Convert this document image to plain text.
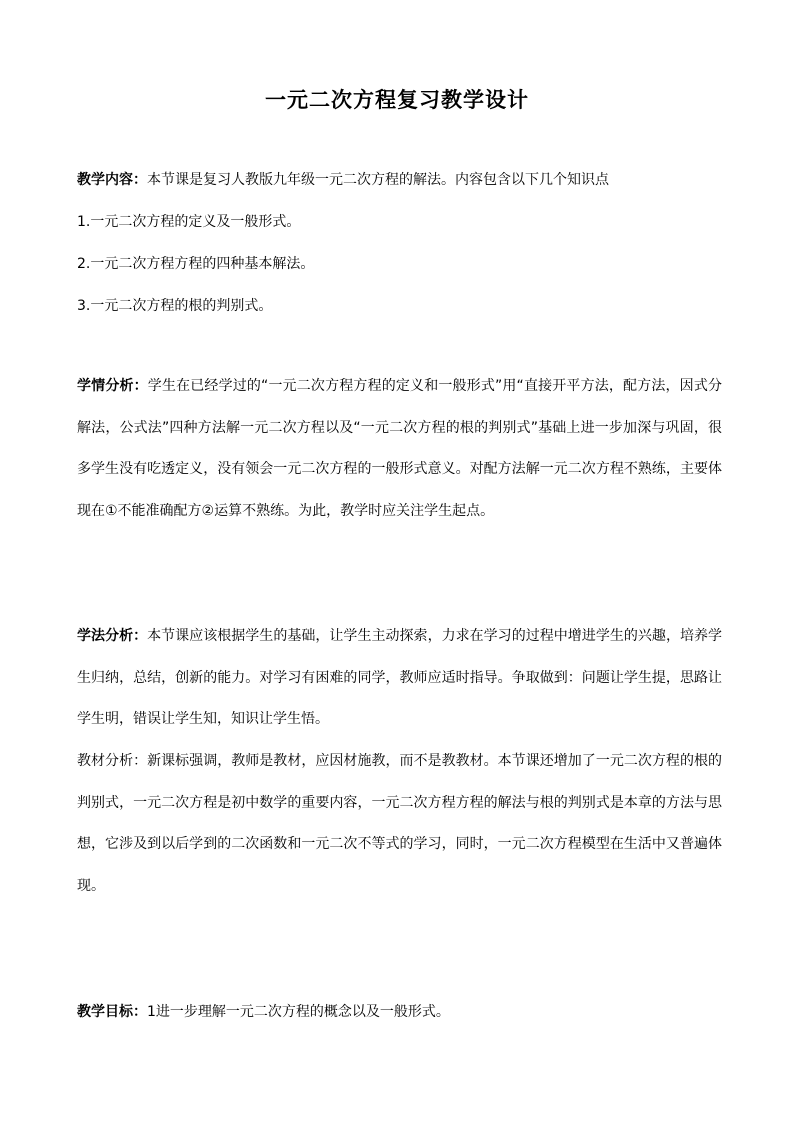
一元二次方程复习教学设计
教学内容：本节课是复习人教版九年级一元二次方程的解法。内容包含以下几个知识点
1.一元二次方程的定义及一般形式。
2.一元二次方程方程的四种基本解法。
3.一元二次方程的根的判别式。
学情分析：学生在已经学过的“一元二次方程方程的定义和一般形式”用“直接开平方法，配方法，因式分解法，公式法”四种方法解一元二次方程以及“一元二次方程的根的判别式”基础上进一步加深与巩固，很多学生没有吃透定义，没有领会一元二次方程的一般形式意义。对配方法解一元二次方程不熟练，主要体现在①不能准确配方②运算不熟练。为此，教学时应关注学生起点。
学法分析：本节课应该根据学生的基础，让学生主动探索，力求在学习的过程中增进学生的兴趣，培养学生归纳，总结，创新的能力。对学习有困难的同学，教师应适时指导。争取做到：问题让学生提，思路让学生明，错误让学生知，知识让学生悟。
教材分析：新课标强调，教师是教材，应因材施教，而不是教教材。本节课还增加了一元二次方程的根的判别式，一元二次方程是初中数学的重要内容，一元二次方程方程的解法与根的判别式是本章的方法与思想，它涉及到以后学到的二次函数和一元二次不等式的学习，同时，一元二次方程模型在生活中又普遍体现。
教学目标：1进一步理解一元二次方程的概念以及一般形式。
